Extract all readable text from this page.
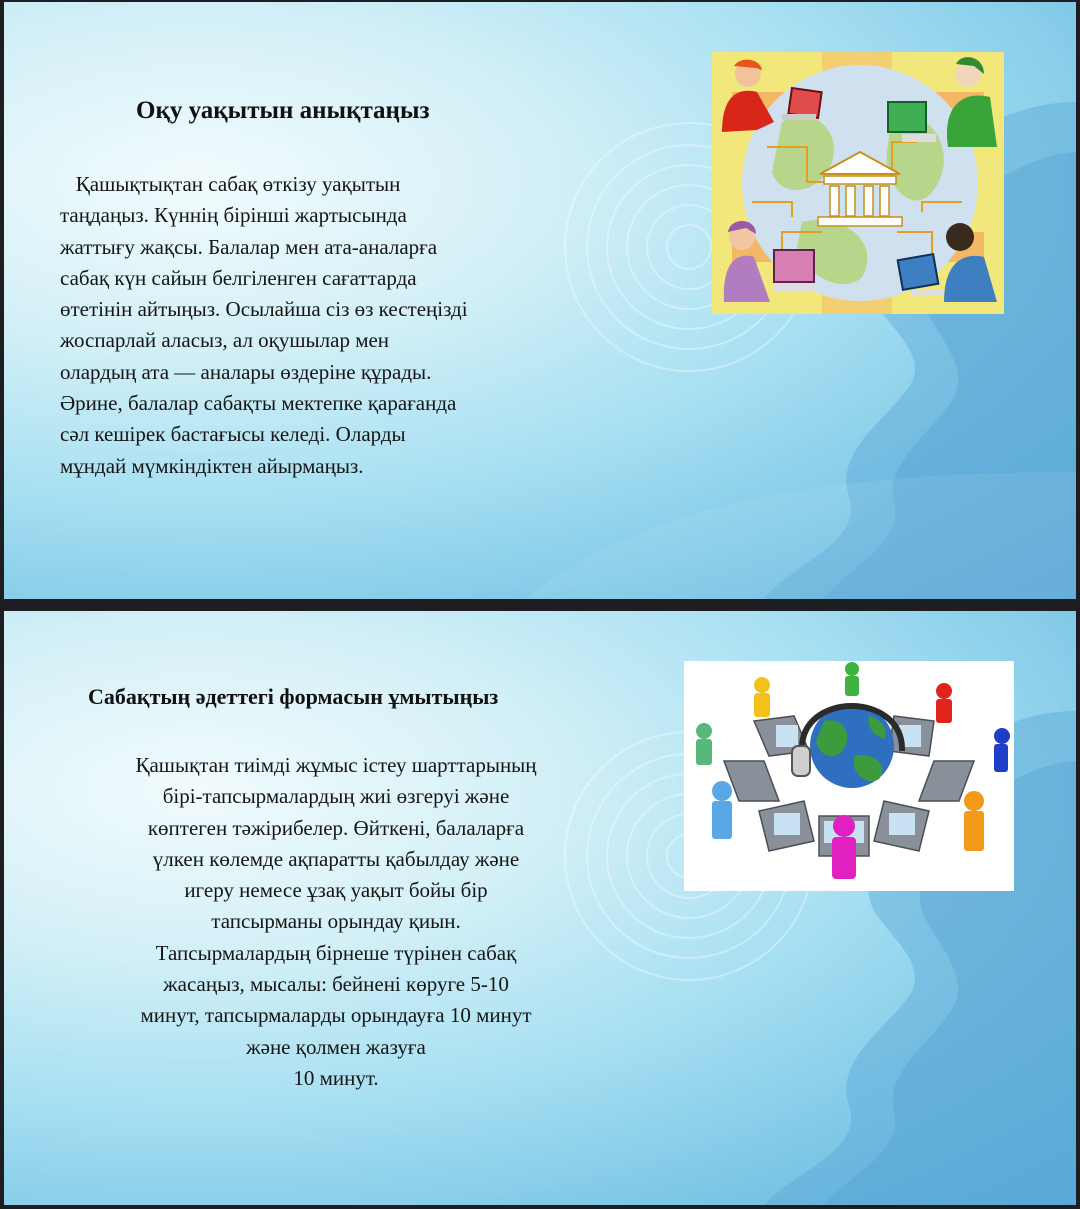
Оқу уақытын анықтаңыз
Қашықтықтан сабақ өткізу уақытын
таңдаңыз. Күннің бірінші жартысында
жаттығу жақсы. Балалар мен ата-аналарға
сабақ күн сайын белгіленген сағаттарда
өтетінін айтыңыз. Осылайша сіз өз кестеңізді
жоспарлай аласыз, ал оқушылар мен
олардың ата — аналары өздеріне құрады.
Әрине, балалар сабақты мектепке қарағанда
сәл кешірек бастағысы келеді. Оларды
мұндай мүмкіндіктен айырмаңыз.
Сабақтың әдеттегі формасын ұмытыңыз
Қашықтан тиімді жұмыс істеу шарттарының
бірі-тапсырмалардың жиі өзгеруі және
көптеген тәжірибелер. Өйткені, балаларға
үлкен көлемде ақпаратты қабылдау және
игеру немесе ұзақ уақыт бойы бір
тапсырманы орындау қиын.
Тапсырмалардың бірнеше түрінен сабақ
жасаңыз, мысалы: бейнені көруге 5-10
минут, тапсырмаларды орындауға 10 минут
және қолмен жазуға
10 минут.
